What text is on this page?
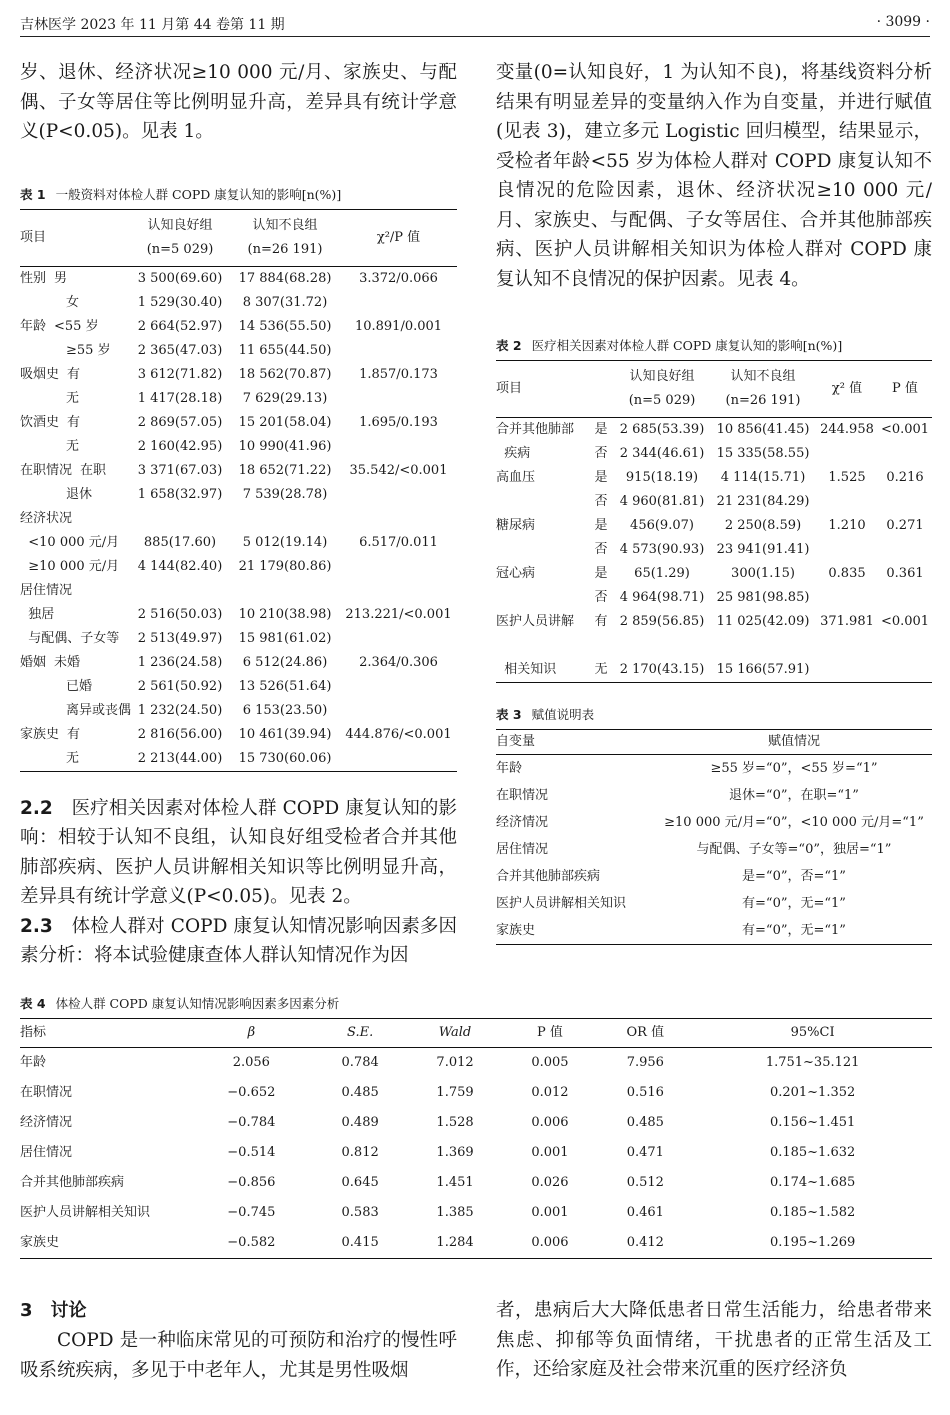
吉林医学 2023 年 11 月第 44 卷第 11 期	· 3099 ·

岁、退休、经济状况≥10 000 元/月、家族史、与配偶、子女等居住等比例明显升高，差异具有统计学意义(P<0.05)。见表 1。

表 1 一般资料对体检人群 COPD 康复认知的影响[n(%)]

项目	认知良好组	认知不良组	χ²/P 值
	(n=5 029)	(n=26 191)	
性别 男	3 500(69.60)	17 884(68.28)	3.372/0.066
女	1 529(30.40)	8 307(31.72)	
年龄 <55 岁	2 664(52.97)	14 536(55.50)	10.891/0.001
≥55 岁	2 365(47.03)	11 655(44.50)	
吸烟史 有	3 612(71.82)	18 562(70.87)	1.857/0.173
无	1 417(28.18)	7 629(29.13)	
饮酒史 有	2 869(57.05)	15 201(58.04)	1.695/0.193
无	2 160(42.95)	10 990(41.96)	
在职情况 在职	3 371(67.03)	18 652(71.22)	35.542/<0.001
退休	1 658(32.97)	7 539(28.78)	
经济状况			
<10 000 元/月	885(17.60)	5 012(19.14)	6.517/0.011
≥10 000 元/月	4 144(82.40)	21 179(80.86)	
居住情况			
独居	2 516(50.03)	10 210(38.98)	213.221/<0.001
与配偶、子女等	2 513(49.97)	15 981(61.02)	
婚姻 未婚	1 236(24.58)	6 512(24.86)	2.364/0.306
已婚	2 561(50.92)	13 526(51.64)	
离异或丧偶	1 232(24.50)	6 153(23.50)	
家族史 有	2 816(56.00)	10 461(39.94)	444.876/<0.001
无	2 213(44.00)	15 730(60.06)	

2.2　 医疗相关因素对体检人群 COPD 康复认知的影响：相较于认知不良组，认知良好组受检者合并其他肺部疾病、医护人员讲解相关知识等比例明显升高，差异具有统计学意义(P<0.05)。见表 2。

2.3　 体检人群对 COPD 康复认知情况影响因素多因素分析：将本试验健康查体人群认知情况作为因

变量(0=认知良好，1 为认知不良)，将基线资料分析结果有明显差异的变量纳入作为自变量，并进行赋值(见表 3)，建立多元 Logistic 回归模型，结果显示，受检者年龄<55 岁为体检人群对 COPD 康复认知不良情况的危险因素，退休、经济状况≥10 000 元/月、家族史、与配偶、子女等居住、合并其他肺部疾病、医护人员讲解相关知识为体检人群对 COPD 康复认知不良情况的保护因素。见表 4。

表 2 医疗相关因素对体检人群 COPD 康复认知的影响[n(%)]

项目		认知良好组	认知不良组	χ² 值	P 值
		(n=5 029)	(n=26 191)		
合并其他肺部	是	2 685(53.39)	10 856(41.45)	244.958	<0.001
疾病	否	2 344(46.61)	15 335(58.55)		
高血压	是	915(18.19)	4 114(15.71)	1.525	0.216
	否	4 960(81.81)	21 231(84.29)		
糖尿病	是	456(9.07)	2 250(8.59)	1.210	0.271
	否	4 573(90.93)	23 941(91.41)		
冠心病	是	65(1.29)	300(1.15)	0.835	0.361
	否	4 964(98.71)	25 981(98.85)		
医护人员讲解	有	2 859(56.85)	11 025(42.09)	371.981	<0.001

相关知识	无	2 170(43.15)	15 166(57.91)		

表 3 赋值说明表

自变量	赋值情况
年龄	≥55 岁=“0”，<55 岁=“1”
在职情况	退休=“0”，在职=“1”
经济情况	≥10 000 元/月=“0”，<10 000 元/月=“1”
居住情况	与配偶、子女等=“0”，独居=“1”
合并其他肺部疾病	是=“0”，否=“1”
医护人员讲解相关知识	有=“0”，无=“1”
家族史	有=“0”，无=“1”

表 4 体检人群 COPD 康复认知情况影响因素多因素分析

指标	β	S.E.	Wald	P 值	OR 值	95%CI
年龄	2.056	0.784	7.012	0.005	7.956	1.751~35.121
在职情况	−0.652	0.485	1.759	0.012	0.516	0.201~1.352
经济情况	−0.784	0.489	1.528	0.006	0.485	0.156~1.451
居住情况	−0.514	0.812	1.369	0.001	0.471	0.185~1.632
合并其他肺部疾病	−0.856	0.645	1.451	0.026	0.512	0.174~1.685
医护人员讲解相关知识	−0.745	0.583	1.385	0.001	0.461	0.185~1.582
家族史	−0.582	0.415	1.284	0.006	0.412	0.195~1.269
3　 讨论

COPD 是一种临床常见的可预防和治疗的慢性呼吸系统疾病，多见于中老年人，尤其是男性吸烟

者，患病后大大降低患者日常生活能力，给患者带来焦虑、抑郁等负面情绪，干扰患者的正常生活及工作，还给家庭及社会带来沉重的医疗经济负
